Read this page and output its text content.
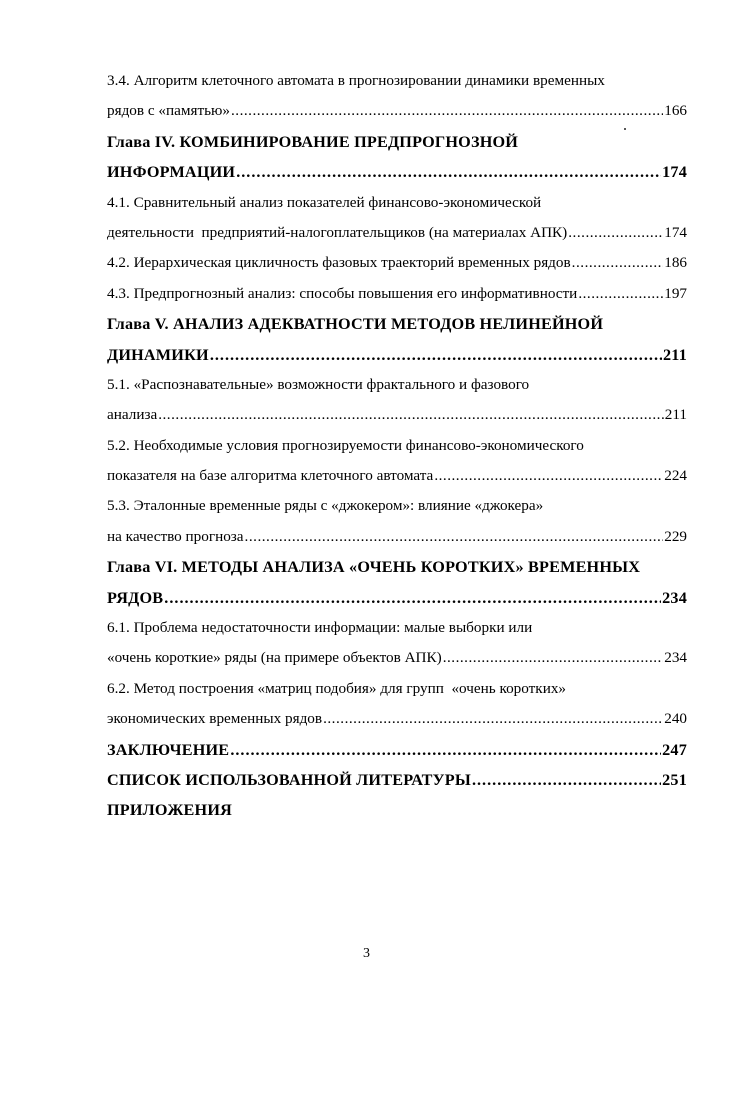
3.4. Алгоритм клеточного автомата в прогнозировании динамики временных
рядов с «памятью» .....	166
Глава IV. КОМБИНИРОВАНИЕ ПРЕДПРОГНОЗНОЙ
ИНФОРМАЦИИ .....	174
4.1. Сравнительный анализ показателей финансово-экономической
деятельности  предприятий-налогоплательщиков (на материалах АПК) .....	174
4.2. Иерархическая цикличность фазовых траекторий временных рядов .....	186
4.3. Предпрогнозный анализ: способы повышения его информативности .....	197
Глава V. АНАЛИЗ АДЕКВАТНОСТИ МЕТОДОВ НЕЛИНЕЙНОЙ
ДИНАМИКИ .....	211
5.1. «Распознавательные» возможности фрактального и фазового
анализа .....	211
5.2. Необходимые условия прогнозируемости финансово-экономического
показателя на базе алгоритма клеточного автомата .....	224
5.3. Эталонные временные ряды с «джокером»: влияние «джокера»
на качество прогноза .....	229
Глава VI. МЕТОДЫ АНАЛИЗА «ОЧЕНЬ КОРОТКИХ» ВРЕМЕННЫХ
РЯДОВ .....	234
6.1. Проблема недостаточности информации: малые выборки или
«очень короткие» ряды (на примере объектов АПК) .....	234
6.2. Метод построения «матриц подобия» для групп  «очень коротких»
экономических временных рядов .....	240
ЗАКЛЮЧЕНИЕ .....	247
СПИСОК ИСПОЛЬЗОВАННОЙ ЛИТЕРАТУРЫ .....	251
ПРИЛОЖЕНИЯ
3
